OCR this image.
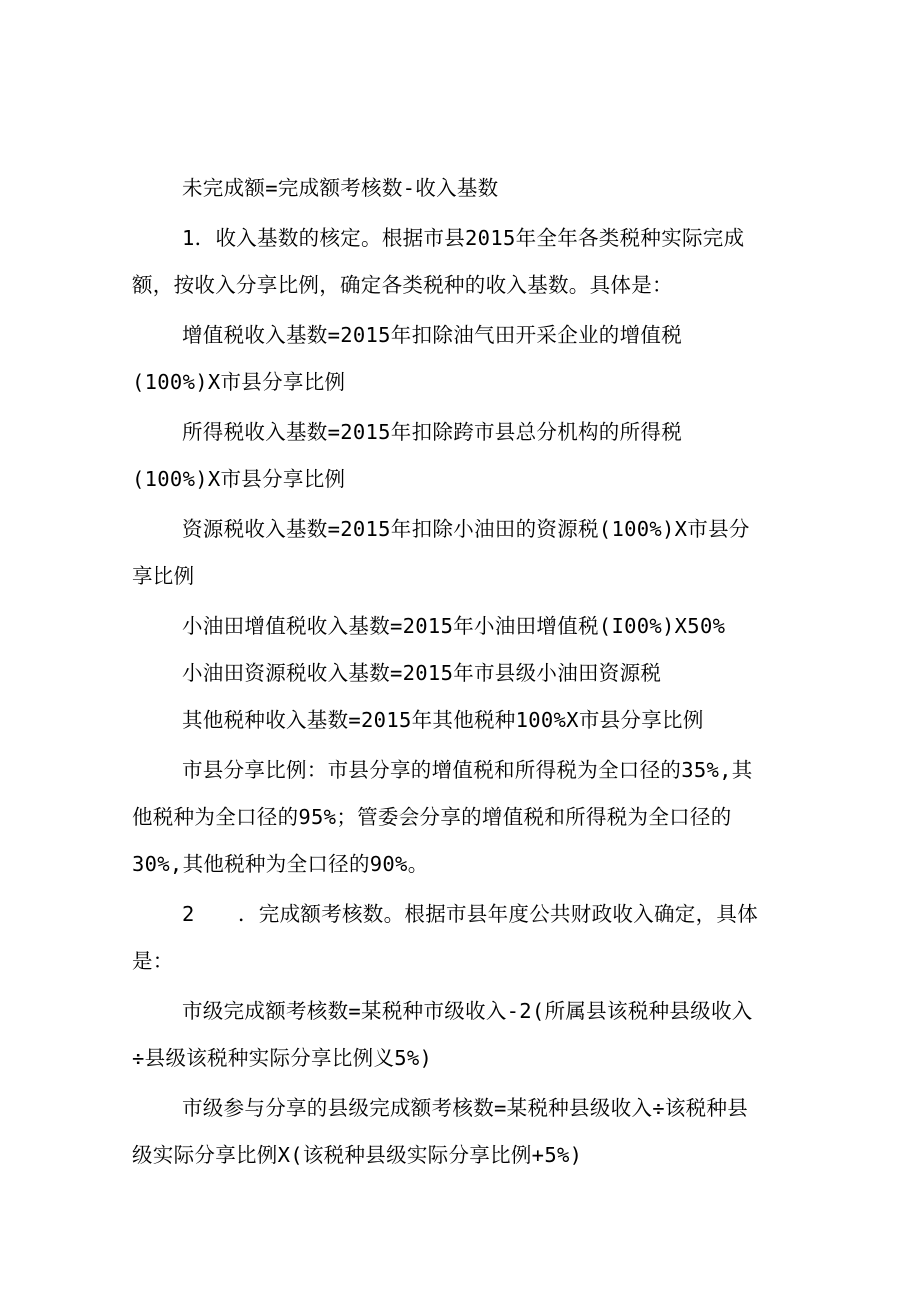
未完成额=完成额考核数-收入基数
1．收入基数的核定。根据市县2015年全年各类税种实际完成
额，按收入分享比例，确定各类税种的收入基数。具体是：
增值税收入基数=2015年扣除油气田开采企业的增值税
(100%)X市县分享比例
所得税收入基数=2015年扣除跨市县总分机构的所得税
(100%)X市县分享比例
资源税收入基数=2015年扣除小油田的资源税(100%)X市县分
享比例
小油田增值税收入基数=2015年小油田增值税(I00%)X50%
小油田资源税收入基数=2015年市县级小油田资源税
其他税种收入基数=2015年其他税种100%X市县分享比例
市县分享比例：市县分享的增值税和所得税为全口径的35%,其
他税种为全口径的95%；管委会分享的增值税和所得税为全口径的
30%,其他税种为全口径的90%。
2 ．完成额考核数。根据市县年度公共财政收入确定，具体
是：
市级完成额考核数=某税种市级收入-2(所属县该税种县级收入
÷县级该税种实际分享比例义5%)
市级参与分享的县级完成额考核数=某税种县级收入÷该税种县
级实际分享比例X(该税种县级实际分享比例+5%)
